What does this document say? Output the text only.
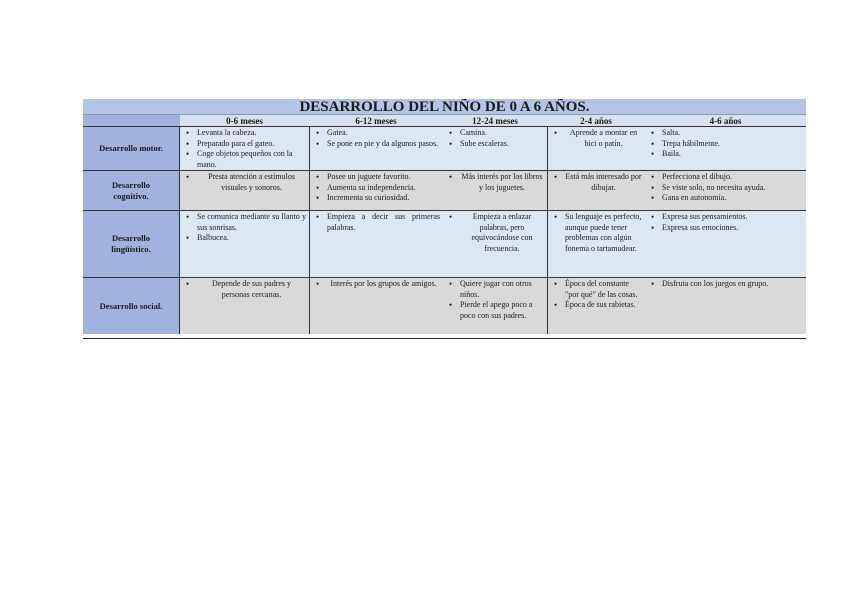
DESARROLLO DEL NIÑO DE 0 A 6 AÑOS.
0-6 meses	6-12 meses	12-24 meses	2-4 años	4-6 años
Desarrollo motor.
• Levanta la cabeza.
• Preparado para el gateo.
• Coge objetos pequeños con la mano.
• Gatea.
• Se pone en pie y da algunos pasos.
• Camina.
• Sube escaleras.
• Aprende a montar en bici o patín.
• Salta.
• Trepa hábilmente.
• Baila.
Desarrollo cognitivo.
• Presta atención a estímulos visuales y sonoros.
• Posee un juguete favorito.
• Aumenta su independencia.
• Incrementa su curiosidad.
• Más interés por los libros y los juguetes.
• Está más interesado por dibujar.
• Perfecciona el dibujo.
• Se viste solo, no necesita ayuda.
• Gana en autonomía.
Desarrollo lingüístico.
• Se comunica mediante su llanto y sus sonrisas.
• Balbucea.
• Empieza a decir sus primeras palabras.
• Empieza a enlazar palabras, pero equivocándose con frecuencia.
• Su lenguaje es perfecto, aunque puede tener problemas con algún fonema o tartamudear.
• Expresa sus pensamientos.
• Expresa sus emociones.
Desarrollo social.
• Depende de sus padres y personas cercanas.
• Interés por los grupos de amigos.
•	Quiere jugar con otros niños.
• Pierde el apego poco a poco con sus padres.
• Época del constante "por qué" de las cosas.
• Época de sus rabietas.
• Disfruta con los juegos en grupo.
